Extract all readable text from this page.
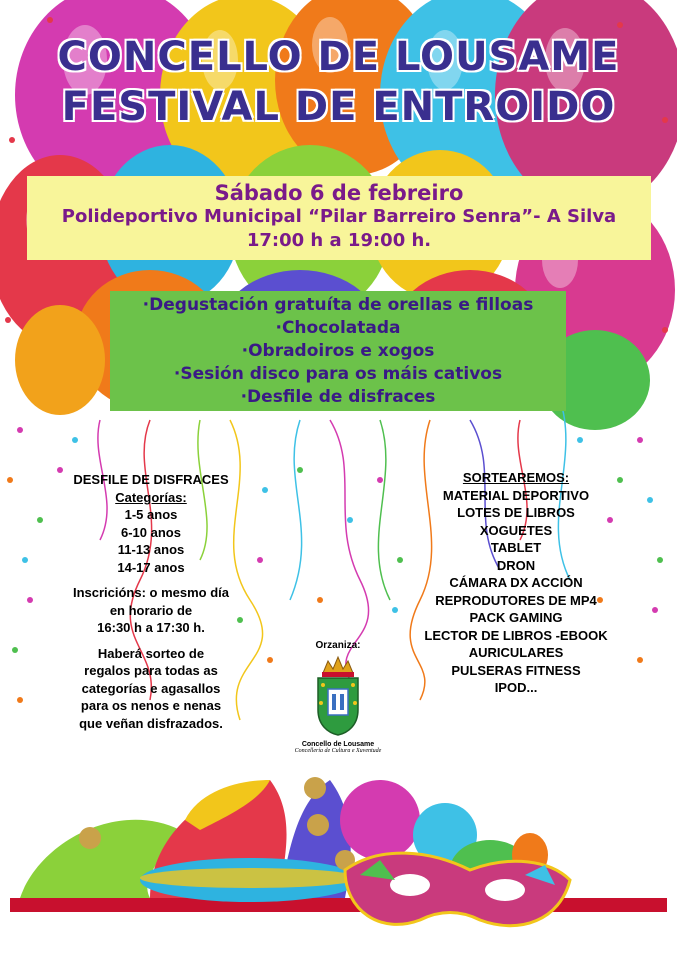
CONCELLO DE LOUSAME
FESTIVAL DE ENTROIDO
Sábado 6 de febreiro
Polideportivo Municipal “Pilar Barreiro Senra”- A Silva
17:00 h a 19:00 h.
·Degustación gratuíta de orellas e filloas
·Chocolatada
·Obradoiros e xogos
·Sesión disco para os máis cativos
·Desfile de disfraces
DESFILE DE DISFRACES
Categorías:
1-5 anos
6-10 anos
11-13 anos
14-17 anos
Inscricións: o mesmo día
en horario de
16:30 h a 17:30 h.
Haberá sorteo de
regalos para todas as
categorías e agasallos
para os nenos e nenas
que veñan disfrazados.
SORTEAREMOS:
MATERIAL DEPORTIVO
LOTES DE LIBROS
XOGUETES
TABLET
DRON
CÁMARA DX ACCIÓN
REPRODUTORES DE MP4
PACK GAMING
LECTOR DE LIBROS -EBOOK
AURICULARES
PULSERAS FITNESS
IPOD...
Orzaniza:
Concello de Lousame
Concellería de Cultura e Xuventude
